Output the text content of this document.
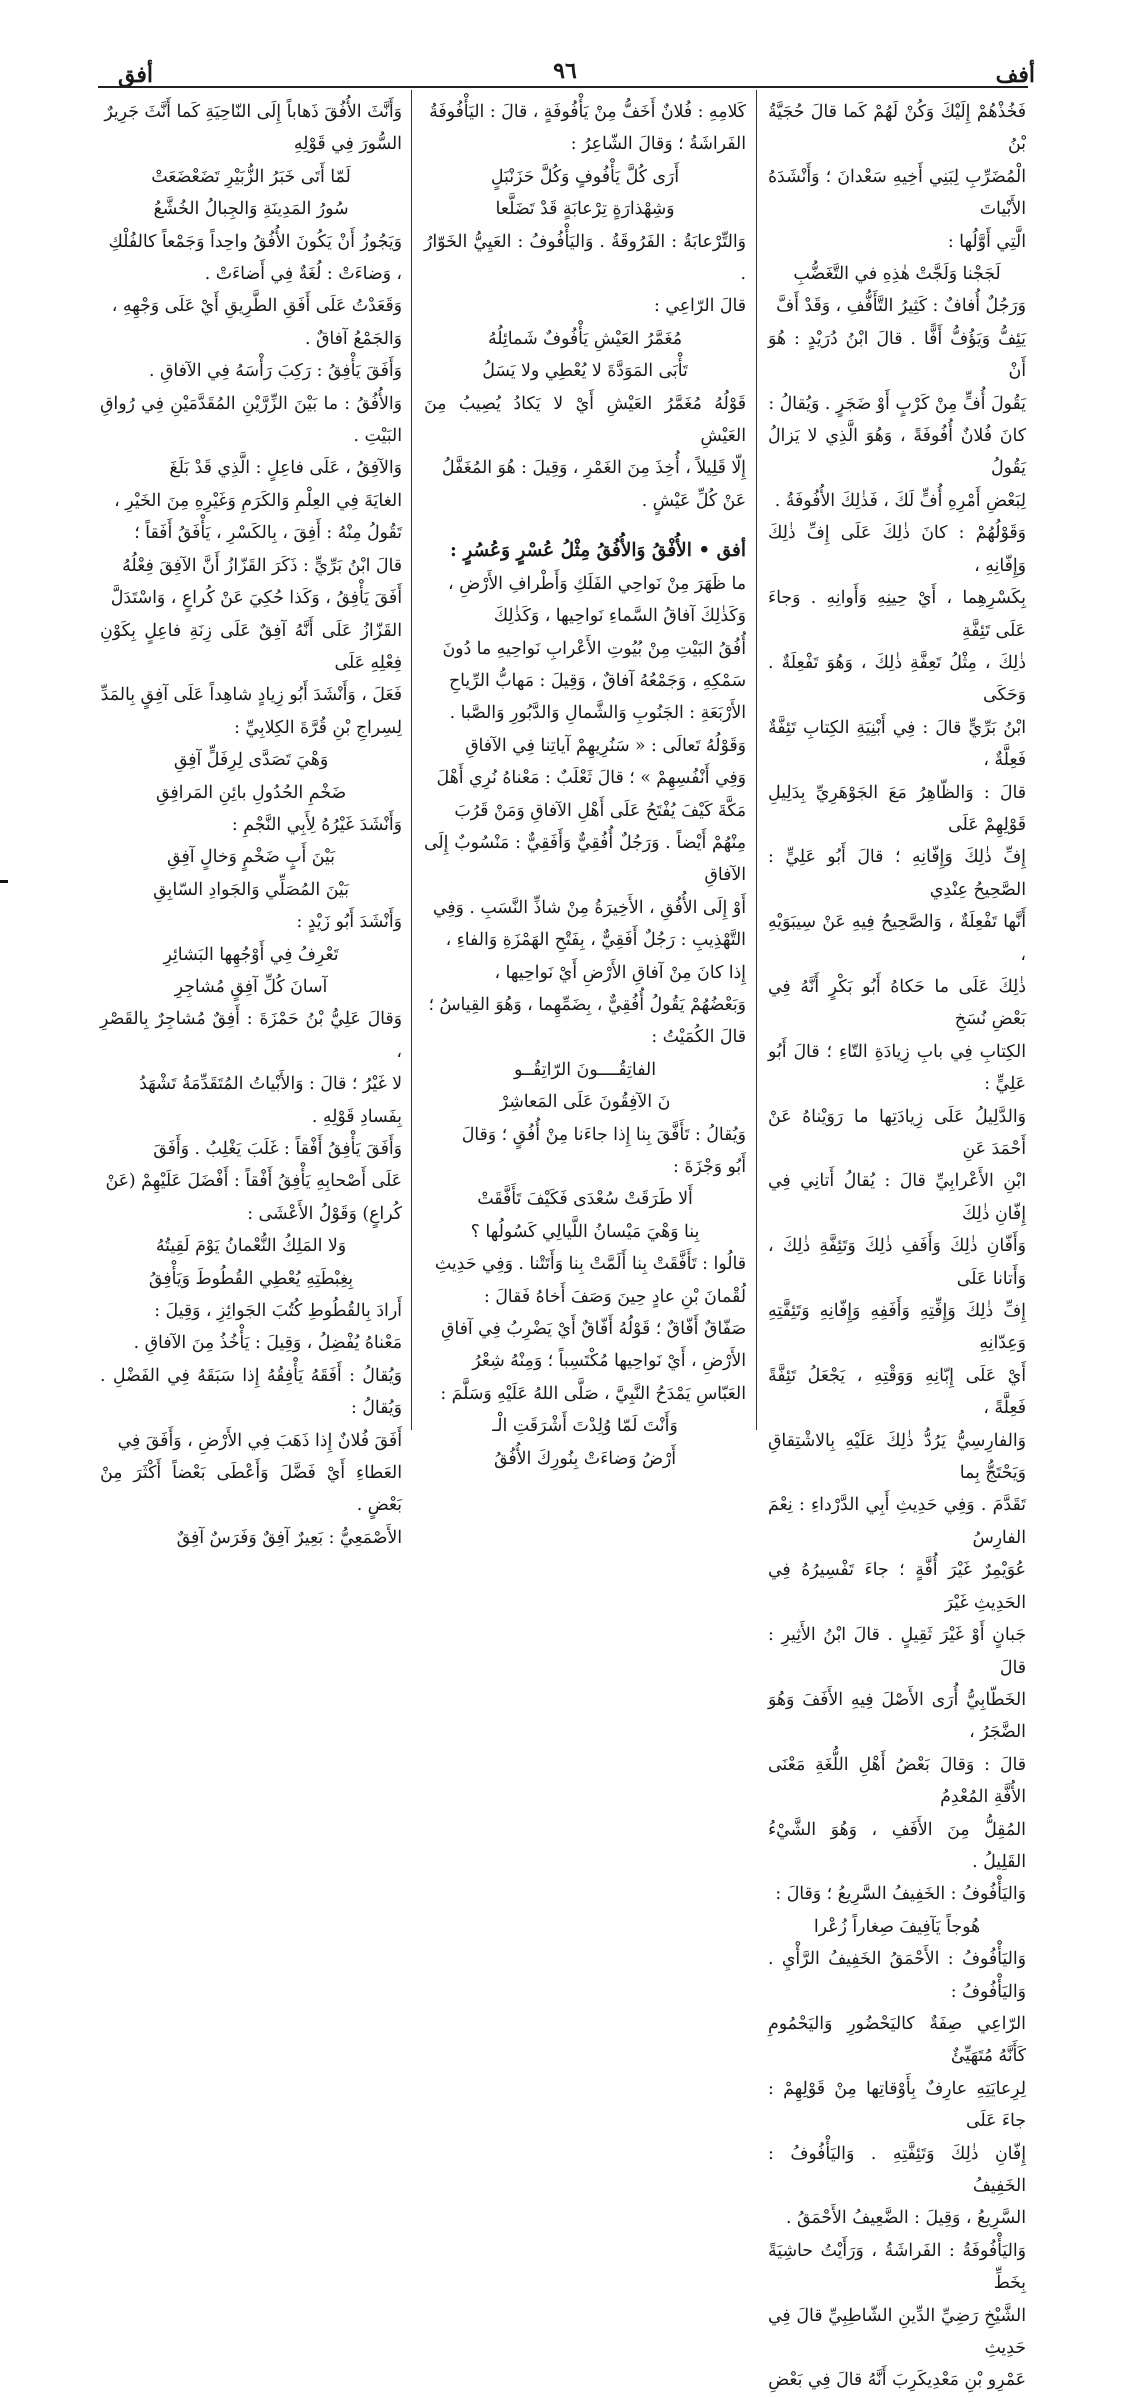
أفق	٩٦	أفف

فَخُذْهُمْ إِلَيْكَ وَكُنْ لَهُمْ كَما قالَ حُجَيَّةُ بْنُ

الْمُضَرِّبِ لِبَنِي أَخِيهِ سَعْدانَ ؛ وَأَنْشَدَهُ الأَبْياتَ

الَّتِي أَوَّلُها :

لَجَجْنا وَلَجَّتْ هٰذِهِ في التَّغَضُّبِ

وَرَجُلٌ أُفافٌ : كَثِيرُ التَّأَفُّفِ ، وَقَدْ أَفَّ

يَئِفُّ وَيَؤُفُّ أَفًّا . قالَ ابْنُ دُرَيْدٍ : هُوَ أَنْ

يَقُولَ أُفٍّ مِنْ كَرْبٍ أَوْ ضَجَرٍ . وَيُقالُ :

كانَ فُلانٌ أُفُوفَةً ، وَهُوَ الَّذِي لا يَزالُ يَقُولُ

لِبَعْضِ أَمْرِهِ أُفٍّ لَكَ ، فَذٰلِكَ الأُفُوفَةُ .

وَقَوْلُهُمْ : كانَ ذٰلِكَ عَلَى إِفِّ ذٰلِكَ وَإِفّانِهِ ،

بِكَسْرِهِما ، أَيْ حِينِهِ وَأَوانِهِ . وَجاءَ عَلَى تَئِفَّةِ

ذٰلِكَ ، مِثْلُ تَعِفَّةِ ذٰلِكَ ، وَهُوَ تَفْعِلَةٌ . وَحَكَى

ابْنُ بَرِّيٍّ قالَ : فِي أَبْنِيَةِ الكِتابِ تَئِفَّةٌ فَعِلَّةٌ ،

قالَ : وَالظّاهِرُ مَعَ الجَوْهَرِيِّ بِدَلِيلِ قَوْلِهِمْ عَلَى

إِفِّ ذٰلِكَ وَإِفّانِهِ ؛ قالَ أَبُو عَلِيٍّ : الصَّحِيحُ عِنْدِي

أَنَّها تَفْعِلَةٌ ، وَالصَّحِيحُ فِيهِ عَنْ سِيبَوَيْهِ ،

ذٰلِكَ عَلَى ما حَكاهُ أَبُو بَكْرٍ أَنَّهُ فِي بَعْضِ نُسَخِ

الكِتابِ فِي بابِ زِيادَةِ التّاءِ ؛ قالَ أَبُو عَلِيٍّ :

وَالدَّلِيلُ عَلَى زِيادَتِها ما رَوَيْناهُ عَنْ أَحْمَدَ عَنِ

ابْنِ الأَعْرابِيِّ قالَ : يُقالُ أَتانِي فِي إِفّانِ ذٰلِكَ

وَأَفّانِ ذٰلِكَ وَأَفَفِ ذٰلِكَ وَتَئِفَّةِ ذٰلِكَ ، وَأَتانا عَلَى

إِفِّ ذٰلِكَ وَإِفِّتِهِ وَأَفَفِهِ وَإِفّانِهِ وَتَئِفَّتِهِ وَعِدّانِهِ

أَيْ عَلَى إِبّانِهِ وَوَقْتِهِ ، يَجْعَلُ تَئِفَّةً فَعِلَّةً ،

وَالفارِسِيُّ يَرُدُّ ذٰلِكَ عَلَيْهِ بِالاشْتِقاقِ وَيَحْتَجُّ بِما

تَقَدَّمَ . وَفِي حَدِيثِ أَبِي الدَّرْداءِ : نِعْمَ الفارِسُ

عُوَيْمِرٌ غَيْرَ أُفَّةٍ ؛ جاءَ تَفْسِيرُهُ فِي الحَدِيثِ غَيْرَ

جَبانٍ أَوْ غَيْرَ ثَقِيلٍ . قالَ ابْنُ الأَثِيرِ : قالَ

الخَطّابِيُّ أُرَى الأَصْلَ فِيهِ الأَفَفَ وَهُوَ الضَّجَرُ ،

قالَ : وَقالَ بَعْضُ أَهْلِ اللُّغَةِ مَعْنَى الأُفَّةِ المُعْدِمُ

المُقِلُّ مِنَ الأَفَفِ ، وَهُوَ الشَّيْءُ القَلِيلُ .

وَاليَأْفُوفُ : الخَفِيفُ السَّرِيعُ ؛ وَقالَ :

هُوجاً يَآفِيفَ صِغاراً زُعْرا

وَاليَأْفُوفُ : الأَحْمَقُ الخَفِيفُ الرَّأْيِ . وَاليَأْفُوفُ :

الرّاعِي صِفَةٌ كاليَحْضُورِ وَاليَحْمُومِ كَأَنَّهُ مُتَهَيِّئٌ

لِرِعايَتِهِ عارِفٌ بِأَوْقاتِها مِنْ قَوْلِهِمْ : جاءَ عَلَى

إِفّانِ ذٰلِكَ وَتَئِفَّتِهِ . وَاليَأْفُوفُ : الخَفِيفُ

السَّرِيعُ ، وَقِيلَ : الضَّعِيفُ الأَحْمَقُ .

وَاليَأْفُوفَةُ : الفَراشَةُ ، وَرَأَيْتُ حاشِيَةً بِخَطِّ

الشَّيْخِ رَضِيِّ الدِّينِ الشّاطِبِيِّ قالَ فِي حَدِيثِ

عَمْرِو بْنِ مَعْدِيكَرِبَ أَنَّهُ قالَ فِي بَعْضِ

كَلامِهِ : فُلانٌ أَخَفُّ مِنْ يَأْفُوفَةٍ ، قالَ : اليَأْفُوفَةُ

الفَراشَةُ ؛ وَقالَ الشّاعِرُ :

أَرَى كُلَّ يَأْفُوفٍ وَكُلَّ حَزَنْبَلٍ

وَشِهْذارَةٍ تِرْعابَةٍ قَدْ تَضَلَّعا

وَالتِّرْعابَةُ : الفَرُوقَةُ . وَاليَأْفُوفُ : العَيِيُّ الخَوّارُ .

قالَ الرّاعِي :

مُغَمَّرُ العَيْشِ يَأْفُوفٌ شَمائِلُهُ

تَأْبَى المَوَدَّةَ لا يُعْطِي ولا يَسَلُ

قَوْلُهُ مُغَمَّرُ العَيْشِ أَيْ لا يَكادُ يُصِيبُ مِنَ العَيْشِ

إِلّا قَلِيلاً ، أُخِذَ مِنَ الغَمْرِ ، وَقِيلَ : هُوَ المُغَفَّلُ

عَنْ كُلِّ عَيْشٍ .

أفق • الأُفْقُ وَالأُفُقُ مِثْلُ عُسْرٍ وَعُسُرٍ :

ما ظَهَرَ مِنْ نَواحِي الفَلَكِ وَأَطْرافِ الأَرْضِ ،

وَكَذٰلِكَ آفاقُ السَّماءِ نَواحِيها ، وَكَذٰلِكَ

أُفُقُ البَيْتِ مِنْ بُيُوتِ الأَعْرابِ نَواحِيهِ ما دُونَ

سَمْكِهِ ، وَجَمْعُهُ آفاقٌ ، وَقِيلَ : مَهابُّ الرِّياحِ

الأَرْبَعَةِ : الجَنُوبِ وَالشَّمالِ وَالدَّبُورِ وَالصَّبا .

وَقَوْلُهُ تَعالَى : « سَنُرِيهِمْ آياتِنا فِي الآفاقِ

وَفِي أَنْفُسِهِمْ » ؛ قالَ ثَعْلَبٌ : مَعْناهُ نُرِي أَهْلَ

مَكَّةَ كَيْفَ يُفْتَحُ عَلَى أَهْلِ الآفاقِ وَمَنْ قَرُبَ

مِنْهُمْ أَيْضاً . وَرَجُلٌ أُفُقِيٌّ وَأَفَقِيٌّ : مَنْسُوبٌ إِلَى الآفاقِ

أَوْ إِلَى الأُفُقِ ، الأَخِيرَةُ مِنْ شاذِّ النَّسَبِ . وَفِي

التَّهْذِيبِ : رَجُلٌ أَفَقِيٌّ ، بِفَتْحِ الهَمْزَةِ وَالفاءِ ،

إِذا كانَ مِنْ آفاقِ الأَرْضِ أَيْ نَواحِيها ،

وَبَعْضُهُمْ يَقُولُ أُفُقِيٌّ ، بِضَمِّهِما ، وَهُوَ القِياسُ ؛

قالَ الكُمَيْتُ :

الفاتِقُــــونَ الرّاتِقُــو

نَ الآفِقُونَ عَلَى المَعاشِرْ

وَيُقالُ : تَأَفَّقَ بِنا إِذا جاءَنا مِنْ أُفُقٍ ؛ وَقالَ

أَبُو وَجْزَةَ :

أَلا طَرَقَتْ سُعْدَى فَكَيْفَ تَأَفَّقَتْ

بِنا وَهْيَ مَيْسانُ اللَّيالِي كَسُولُها ؟

قالُوا : تَأَفَّقَتْ بِنا أَلَمَّتْ بِنا وَأَتَتْنا . وَفِي حَدِيثِ

لُقْمانَ بْنِ عادٍ حِينَ وَصَفَ أَخاهُ فَقالَ :

صَفّاقٌ أَفّاقٌ ؛ قَوْلُهُ أَفّاقٌ أَيْ يَضْرِبُ فِي آفاقِ

الأَرْضِ ، أَيْ نَواحِيها مُكْتَسِباً ؛ وَمِنْهُ شِعْرُ

العَبّاسِ يَمْدَحُ النَّبِيَّ ، صَلَّى اللهُ عَلَيْهِ وَسَلَّمَ :

وَأَنْتَ لَمّا وُلِدْتَ أَشْرَقَتِ الْـ

أَرْضُ وَضاءَتْ بِنُورِكَ الأُفُقُ

وَأَنَّثَ الأُفُقَ ذَهاباً إِلَى النّاحِيَةِ كَما أَنَّثَ جَرِيرٌ

السُّورَ فِي قَوْلِهِ

لَمّا أَتَى خَبَرُ الزُّبَيْرِ تَضَعْضَعَتْ

سُورُ المَدِينَةِ وَالجِبالُ الخُشَّعُ

وَيَجُوزُ أَنْ يَكُونَ الأُفُقُ واحِداً وَجَمْعاً كالفُلْكِ

، وَضاءَتْ : لُغَةٌ فِي أَضاءَتْ .

وَقَعَدْتُ عَلَى أَفَقِ الطَّرِيقِ أَيْ عَلَى وَجْهِهِ ،

وَالجَمْعُ آفاقٌ .

وَأَفَقَ يَأْفِقُ : رَكِبَ رَأْسَهُ فِي الآفاقِ .

وَالأُفُقُ : ما بَيْنَ الزِّرَّيْنِ المُقَدَّمَيْنِ فِي رُواقِ البَيْتِ .

وَالآفِقُ ، عَلَى فاعِلٍ : الَّذِي قَدْ بَلَغَ

الغايَةَ فِي العِلْمِ وَالكَرَمِ وَغَيْرِهِ مِنَ الخَيْرِ ،

تَقُولُ مِنْهُ : أَفِقَ ، بِالكَسْرِ ، يَأْفَقُ أَفَقاً ؛

قالَ ابْنُ بَرِّيٍّ : ذَكَرَ القَزّازُ أَنَّ الآفِقَ فِعْلُهُ

أَفَقَ يَأْفِقُ ، وَكَذا حُكِيَ عَنْ كُراعٍ ، وَاسْتَدَلَّ

القَزّازُ عَلَى أَنَّهُ آفِقٌ عَلَى زِنَةِ فاعِلٍ بِكَوْنِ فِعْلِهِ عَلَى

فَعَلَ ، وَأَنْشَدَ أَبُو زِيادٍ شاهِداً عَلَى آفِقٍ بِالمَدِّ

لِسِراجِ بْنِ قُرَّةَ الكِلابِيِّ :

وَهْيَ تَصَدَّى لِرِفَلٍّ آفِقِ

ضَخْمِ الحُدُولِ بائِنِ المَرافِقِ

وَأَنْشَدَ غَيْرُهُ لِأَبِي النَّجْمِ :

بَيْنَ أَبٍ ضَخْمٍ وَخالٍ آفِقِ

بَيْنَ المُصَلِّي وَالجَوادِ السّابِقِ

وَأَنْشَدَ أَبُو زَيْدٍ :

تَعْرِفُ فِي أَوْجُهِها البَشائِرِ

آسانَ كُلِّ آفِقٍ مُشاجِرِ

وَقالَ عَلِيُّ بْنُ حَمْزَةَ : أَفِقٌ مُشاجِرٌ بِالقَصْرِ ،

لا غَيْرُ ؛ قالَ : وَالأَبْياتُ المُتَقَدِّمَةُ تَشْهَدُ

بِفَسادِ قَوْلِهِ .

وَأَفَقَ يَأْفِقُ أَفْقاً : غَلَبَ يَغْلِبُ . وَأَفَقَ

عَلَى أَصْحابِهِ يَأْفِقُ أَفْقاً : أَفْضَلَ عَلَيْهِمْ (عَنْ

كُراعٍ) وَقَوْلُ الأَعْشَى :

وَلا المَلِكُ النُّعْمانُ يَوْمَ لَقِيتُهُ

بِغِبْطَتِهِ يُعْطِي القُطُوطَ وَيَأْفِقُ

أَرادَ بِالقُطُوطِ كُتُبَ الجَوائِزِ ، وَقِيلَ :

مَعْناهُ يُفْضِلُ ، وَقِيلَ : يَأْخُذُ مِنَ الآفاقِ .

وَيُقالُ : أَفَقَهُ يَأْفِقُهُ إِذا سَبَقَهُ فِي الفَضْلِ . وَيُقالُ :

أَفَقَ فُلانٌ إِذا ذَهَبَ فِي الأَرْضِ ، وَأَفَقَ فِي

العَطاءِ أَيْ فَضَّلَ وَأَعْطَى بَعْضاً أَكْثَرَ مِنْ بَعْضٍ .

الأَصْمَعِيُّ : بَعِيرٌ آفِقٌ وَفَرَسٌ آفِقٌ
